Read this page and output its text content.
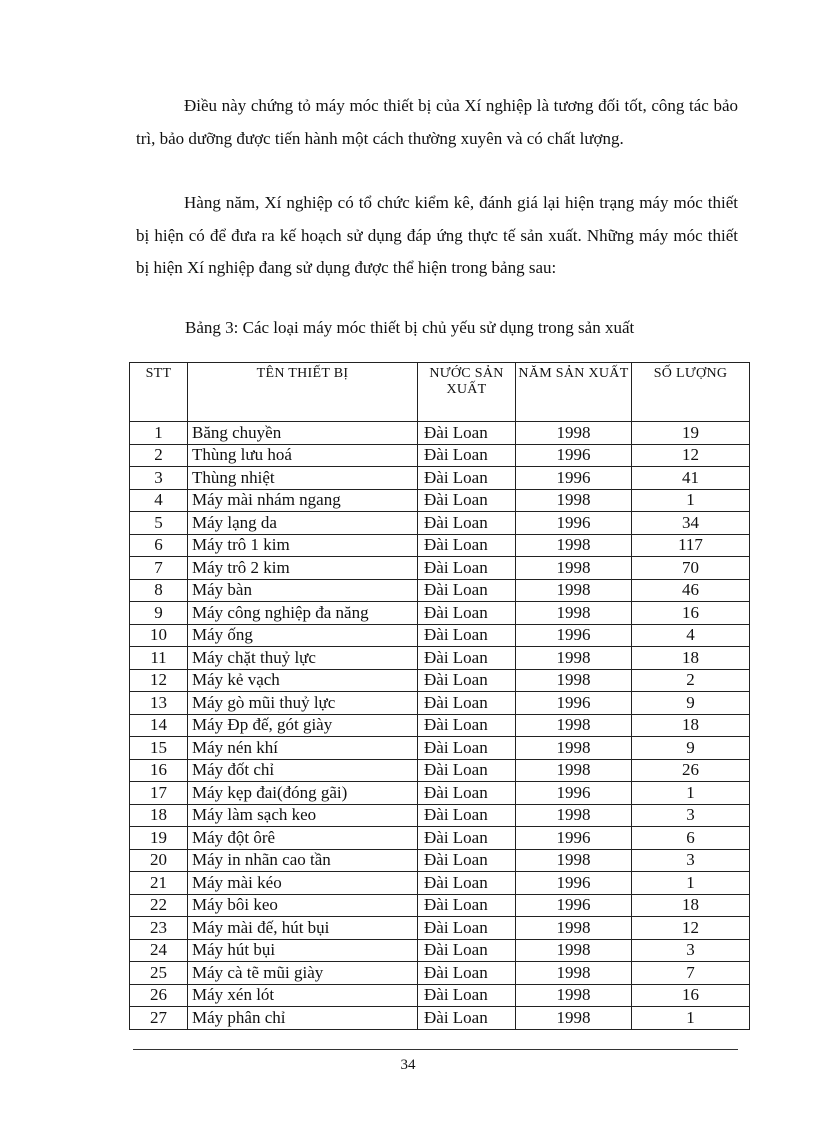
Điều này chứng tỏ máy móc thiết bị của Xí nghiệp là tương đối tốt, công tác bảo trì, bảo dưỡng được tiến hành một cách thường xuyên và có chất lượng.

Hàng năm, Xí nghiệp có tổ chức kiểm kê, đánh giá lại hiện trạng máy móc thiết bị hiện có để đưa ra kế hoạch sử dụng đáp ứng thực tế sản xuất. Những máy móc thiết bị hiện Xí nghiệp đang sử dụng được thể hiện trong bảng sau:

Bảng 3: Các loại máy móc thiết bị chủ yếu sử dụng trong sản xuất

STT	TÊN THIẾT BỊ	NƯỚC SẢN XUẤT	NĂM SẢN XUẤT	SỐ LƯỢNG
1	Băng chuyền	Đài Loan	1998	19
2	Thùng lưu hoá	Đài Loan	1996	12
3	Thùng nhiệt	Đài Loan	1996	41
4	Máy mài nhám ngang	Đài Loan	1998	1
5	Máy lạng da	Đài Loan	1996	34
6	Máy trô 1 kim	Đài Loan	1998	117
7	Máy trô 2 kim	Đài Loan	1998	70
8	Máy bàn	Đài Loan	1998	46
9	Máy công nghiệp đa năng	Đài Loan	1998	16
10	Máy ống	Đài Loan	1996	4
11	Máy chặt thuỷ lực	Đài Loan	1998	18
12	Máy kẻ vạch	Đài Loan	1998	2
13	Máy gò mũi thuỷ lực	Đài Loan	1996	9
14	Máy Đp đế, gót giày	Đài Loan	1998	18
15	Máy nén khí	Đài Loan	1998	9
16	Máy đốt chỉ	Đài Loan	1998	26
17	Máy kẹp đai(đóng gãi)	Đài Loan	1996	1
18	Máy làm sạch keo	Đài Loan	1998	3
19	Máy đột ôrê	Đài Loan	1996	6
20	Máy in nhãn cao tần	Đài Loan	1998	3
21	Máy mài kéo	Đài Loan	1996	1
22	Máy bôi keo	Đài Loan	1996	18
23	Máy mài đế, hút bụi	Đài Loan	1998	12
24	Máy hút bụi	Đài Loan	1998	3
25	Máy cà tẽ mũi giày	Đài Loan	1998	7
26	Máy xén lót	Đài Loan	1998	16
27	Máy phân chỉ	Đài Loan	1998	1
34
